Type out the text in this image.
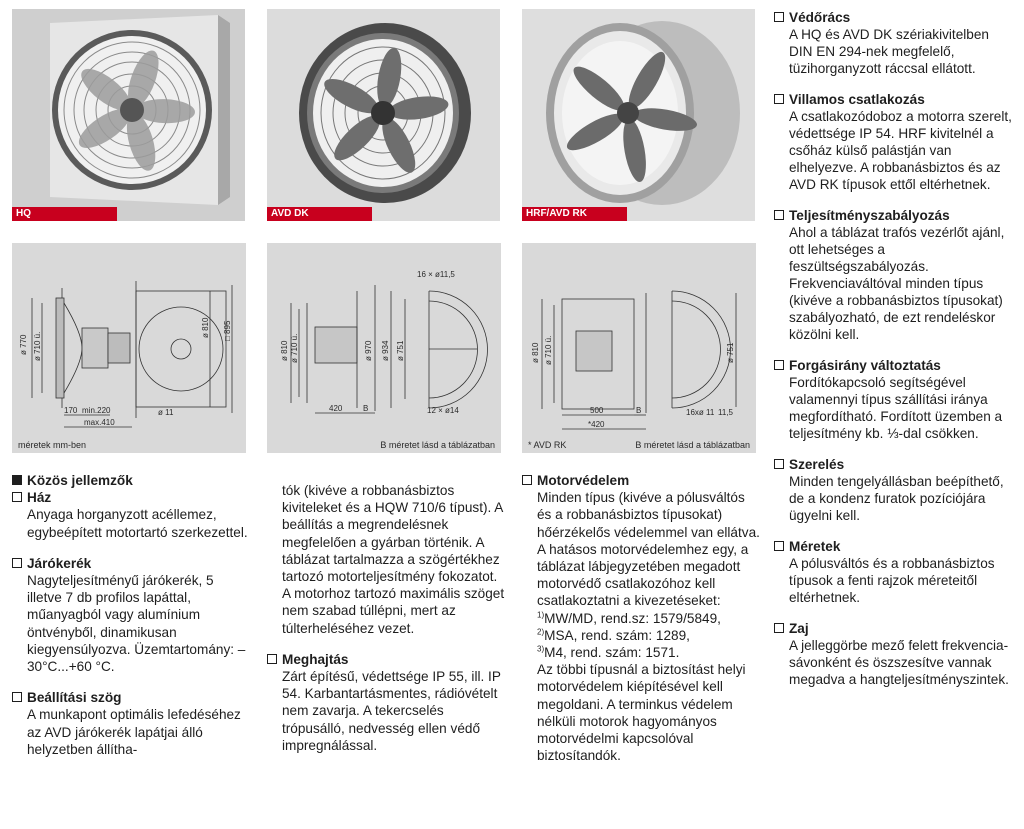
HQ	AVD DK	HRF/AVD RK
ø 770 ø 710 ü.
ø 810 □ 895
170 min.220
max.410
ø 11
méretek mm-ben
16 × ø11,5
ø 810 ø 710 ü.	ø 970 ø 934 ø 751
420	B	12 × ø14
B méretet lásd a táblázatban
ø 810 ø 710 ü.	ø 751
500	B
*420
16xø 11 11,5
* AVD RK	B méretet lásd a táblázatban
Közös jellemzők
Ház
Anyaga horganyzott acéllemez, egybeépített motortartó szerkezettel.
Járókerék
Nagyteljesítményű járókerék, 5 illetve 7 db profilos lapáttal, műanyagból vagy alumínium öntvényből, dinamikusan kiegyensúlyozva. Üzemtartomány: –30°C...+60 °C.
Beállítási szög
A munkapont optimális lefedéséhez az AVD járókerék lapátjai álló helyzetben állítha-
tók (kivéve a robbanásbiztos kiviteleket és a HQW 710/6 típust). A beállítás a megrendelésnek megfelelően a gyárban történik. A táblázat tartalmazza a szögértékhez tartozó motorteljesítmény fokozatot. A motorhoz tartozó maximális szöget nem szabad túllépni, mert az túlterheléséhez vezet.
Meghajtás
Zárt építésű, védettsége IP 55, ill. IP 54. Karbantartásmentes, rádióvételt nem zavarja. A tekercselés trópusálló, nedvesség ellen védő impregnálással.
Motorvédelem
Minden típus (kivéve a pólusváltós és a robbanásbiztos típusokat) hőérzékelős védelemmel van ellátva. A hatásos motorvédelemhez egy, a táblázat lábjegyzetében megadott motorvédő csatlakozóhoz kell csatlakoztatni a kivezetéseket:
$^{1)}$MW/MD, rend.sz: 1579/5849,
$^{2)}$MSA, rend. szám: 1289,
$^{3)}$M4, rend. szám: 1571.
Az többi típusnál a biztosítást helyi motorvédelem kiépítésével kell megoldani. A terminkus védelem nélküli motorok hagyományos motorvédelmi kapcsolóval biztosítandók.
Védőrács
A HQ és AVD DK szériakivitelben DIN EN 294-nek megfelelő, tüzihorganyzott ráccsal ellátott.
Villamos csatlakozás
A csatlakozódoboz a motorra szerelt, védettsége IP 54. HRF kivitelnél a csőház külső palástján van elhelyezve. A robbanásbiztos és az AVD RK típusok ettől eltérhetnek.
Teljesítményszabályozás
Ahol a táblázat trafós vezérlőt ajánl, ott lehetséges a feszültségszabályozás. Frekvenciaváltóval minden típus (kivéve a robbanásbiztos típusokat) szabályozható, de ezt rendeléskor közölni kell.
Forgásirány változtatás
Fordítókapcsoló segítségével valamennyi típus szállítási iránya megfordítható. Fordított üzemben a teljesítmény kb. ⅓-dal csökken.
Szerelés
Minden tengelyállásban beépíthető, de a kondenz furatok pozíciójára ügyelni kell.
Méretek
A pólusváltós és a robbanásbiztos típusok a fenti rajzok méreteitől eltérhetnek.
Zaj
A jelleggörbe mező felett frekvencia-sávonként és öszszesítve vannak megadva a hangteljesítményszintek.
